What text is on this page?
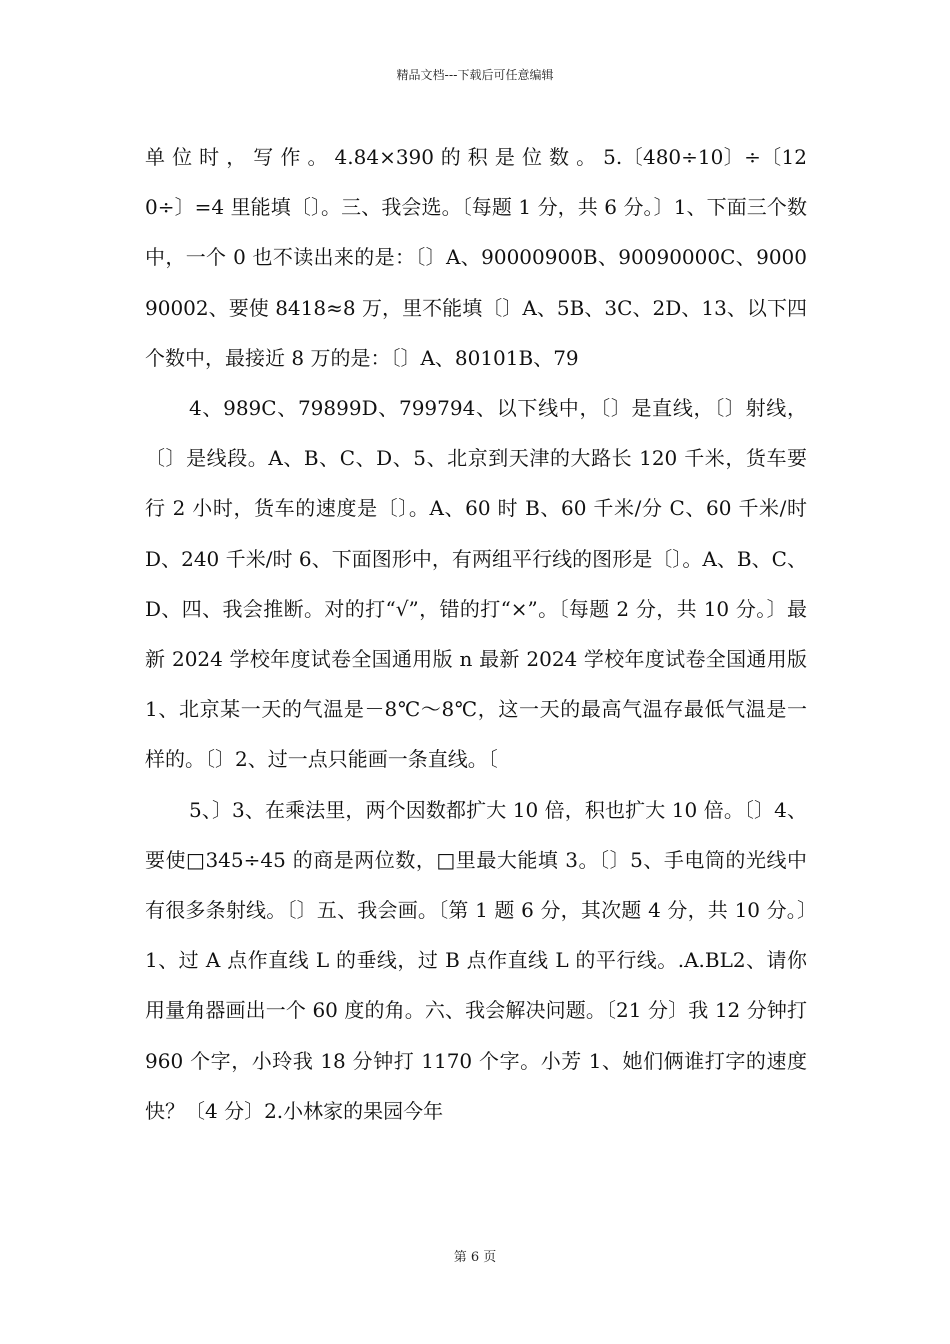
精品文档---下载后可任意编辑

单 位 时 ， 写 作 。 4.84×390 的 积 是 位 数 。 5.〔480÷10〕÷〔120÷〕=4 里能填〔〕。三、我会选。〔每题 1 分，共 6 分。〕1、下面三个数中，一个 0 也不读出来的是：〔〕A、90000900B、90090000C、900090002、要使 8418≈8 万，里不能填〔〕A、5B、3C、2D、13、以下四个数中，最接近 8 万的是：〔〕A、80101B、79

4、989C、79899D、799794、以下线中，〔〕是直线，〔〕射线，〔〕是线段。A、B、C、D、5、北京到天津的大路长 120 千米，货车要行 2 小时，货车的速度是〔〕。A、60 时 B、60 千米/分 C、60 千米/时　D、240 千米/时 6、下面图形中，有两组平行线的图形是〔〕。A、B、C、D、四、我会推断。对的打“√”，错的打“×”。〔每题 2 分，共 10 分。〕最新 2024 学校年度试卷全国通用版 n 最新 2024 学校年度试卷全国通用版 1、北京某一天的气温是－8℃～8℃，这一天的最高气温存最低气温是一样的。〔〕2、过一点只能画一条直线。〔

5、〕3、在乘法里，两个因数都扩大 10 倍，积也扩大 10 倍。〔〕4、要使□345÷45 的商是两位数，□里最大能填 3。〔〕5、手电筒的光线中有很多条射线。〔〕五、我会画。〔第 1 题 6 分，其次题 4 分，共 10 分。〕1、过 A 点作直线 L 的垂线，过 B 点作直线 L 的平行线。.A.BL2、请你用量角器画出一个 60 度的角。六、我会解决问题。〔21 分〕我 12 分钟打 960 个字，小玲我 18 分钟打 1170 个字。小芳 1、她们俩谁打字的速度快？〔4 分〕2.小林家的果园今年

第 6 页
